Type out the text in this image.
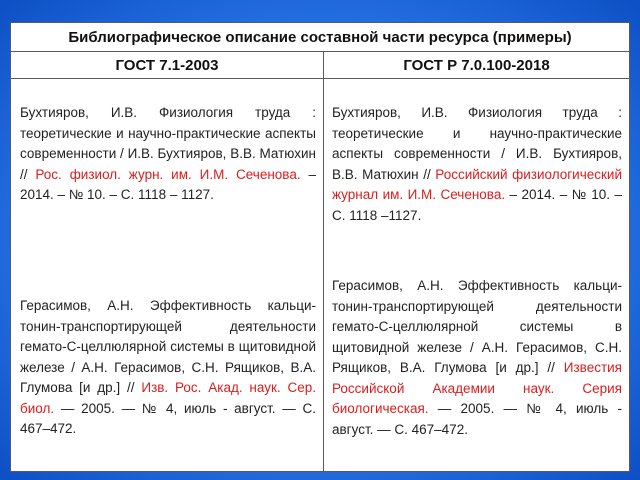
Библиографическое описание составной части ресурса (примеры)
ГОСТ 7.1-2003	ГОСТ Р 7.0.100-2018

Бухтияров, И.В. Физиология труда : теоретические и научно-практические аспекты современности / И.В. Бухтияров, В.В. Матюхин // Рос. физиол. журн. им. И.М. Сеченова. – 2014. – № 10. – С. 1118 – 1127.

Бухтияров, И.В. Физиология труда : теоретические и научно-практические аспекты современности / И.В. Бухтияров, В.В. Матюхин // Российский физиологический журнал им. И.М. Сеченова. – 2014. – № 10. – С. 1118 –1127.

Герасимов, А.Н. Эффективность кальци-тонин-транспортирующей деятельности гемато-С-целлюлярной системы в щитовидной железе / А.Н. Герасимов, С.Н. Рящиков, В.А. Глумова [и др.] // Изв. Рос. Акад. наук. Сер. биол. — 2005. — № 4, июль - август. — С. 467–472.

Герасимов, А.Н. Эффективность кальци-тонин-транспортирующей деятельности гемато-С-целлюлярной системы в щитовидной железе / А.Н. Герасимов, С.Н. Рящиков, В.А. Глумова [и др.] // Известия Российской Академии наук. Серия биологическая. — 2005. — № 4, июль - август. — С. 467–472.
